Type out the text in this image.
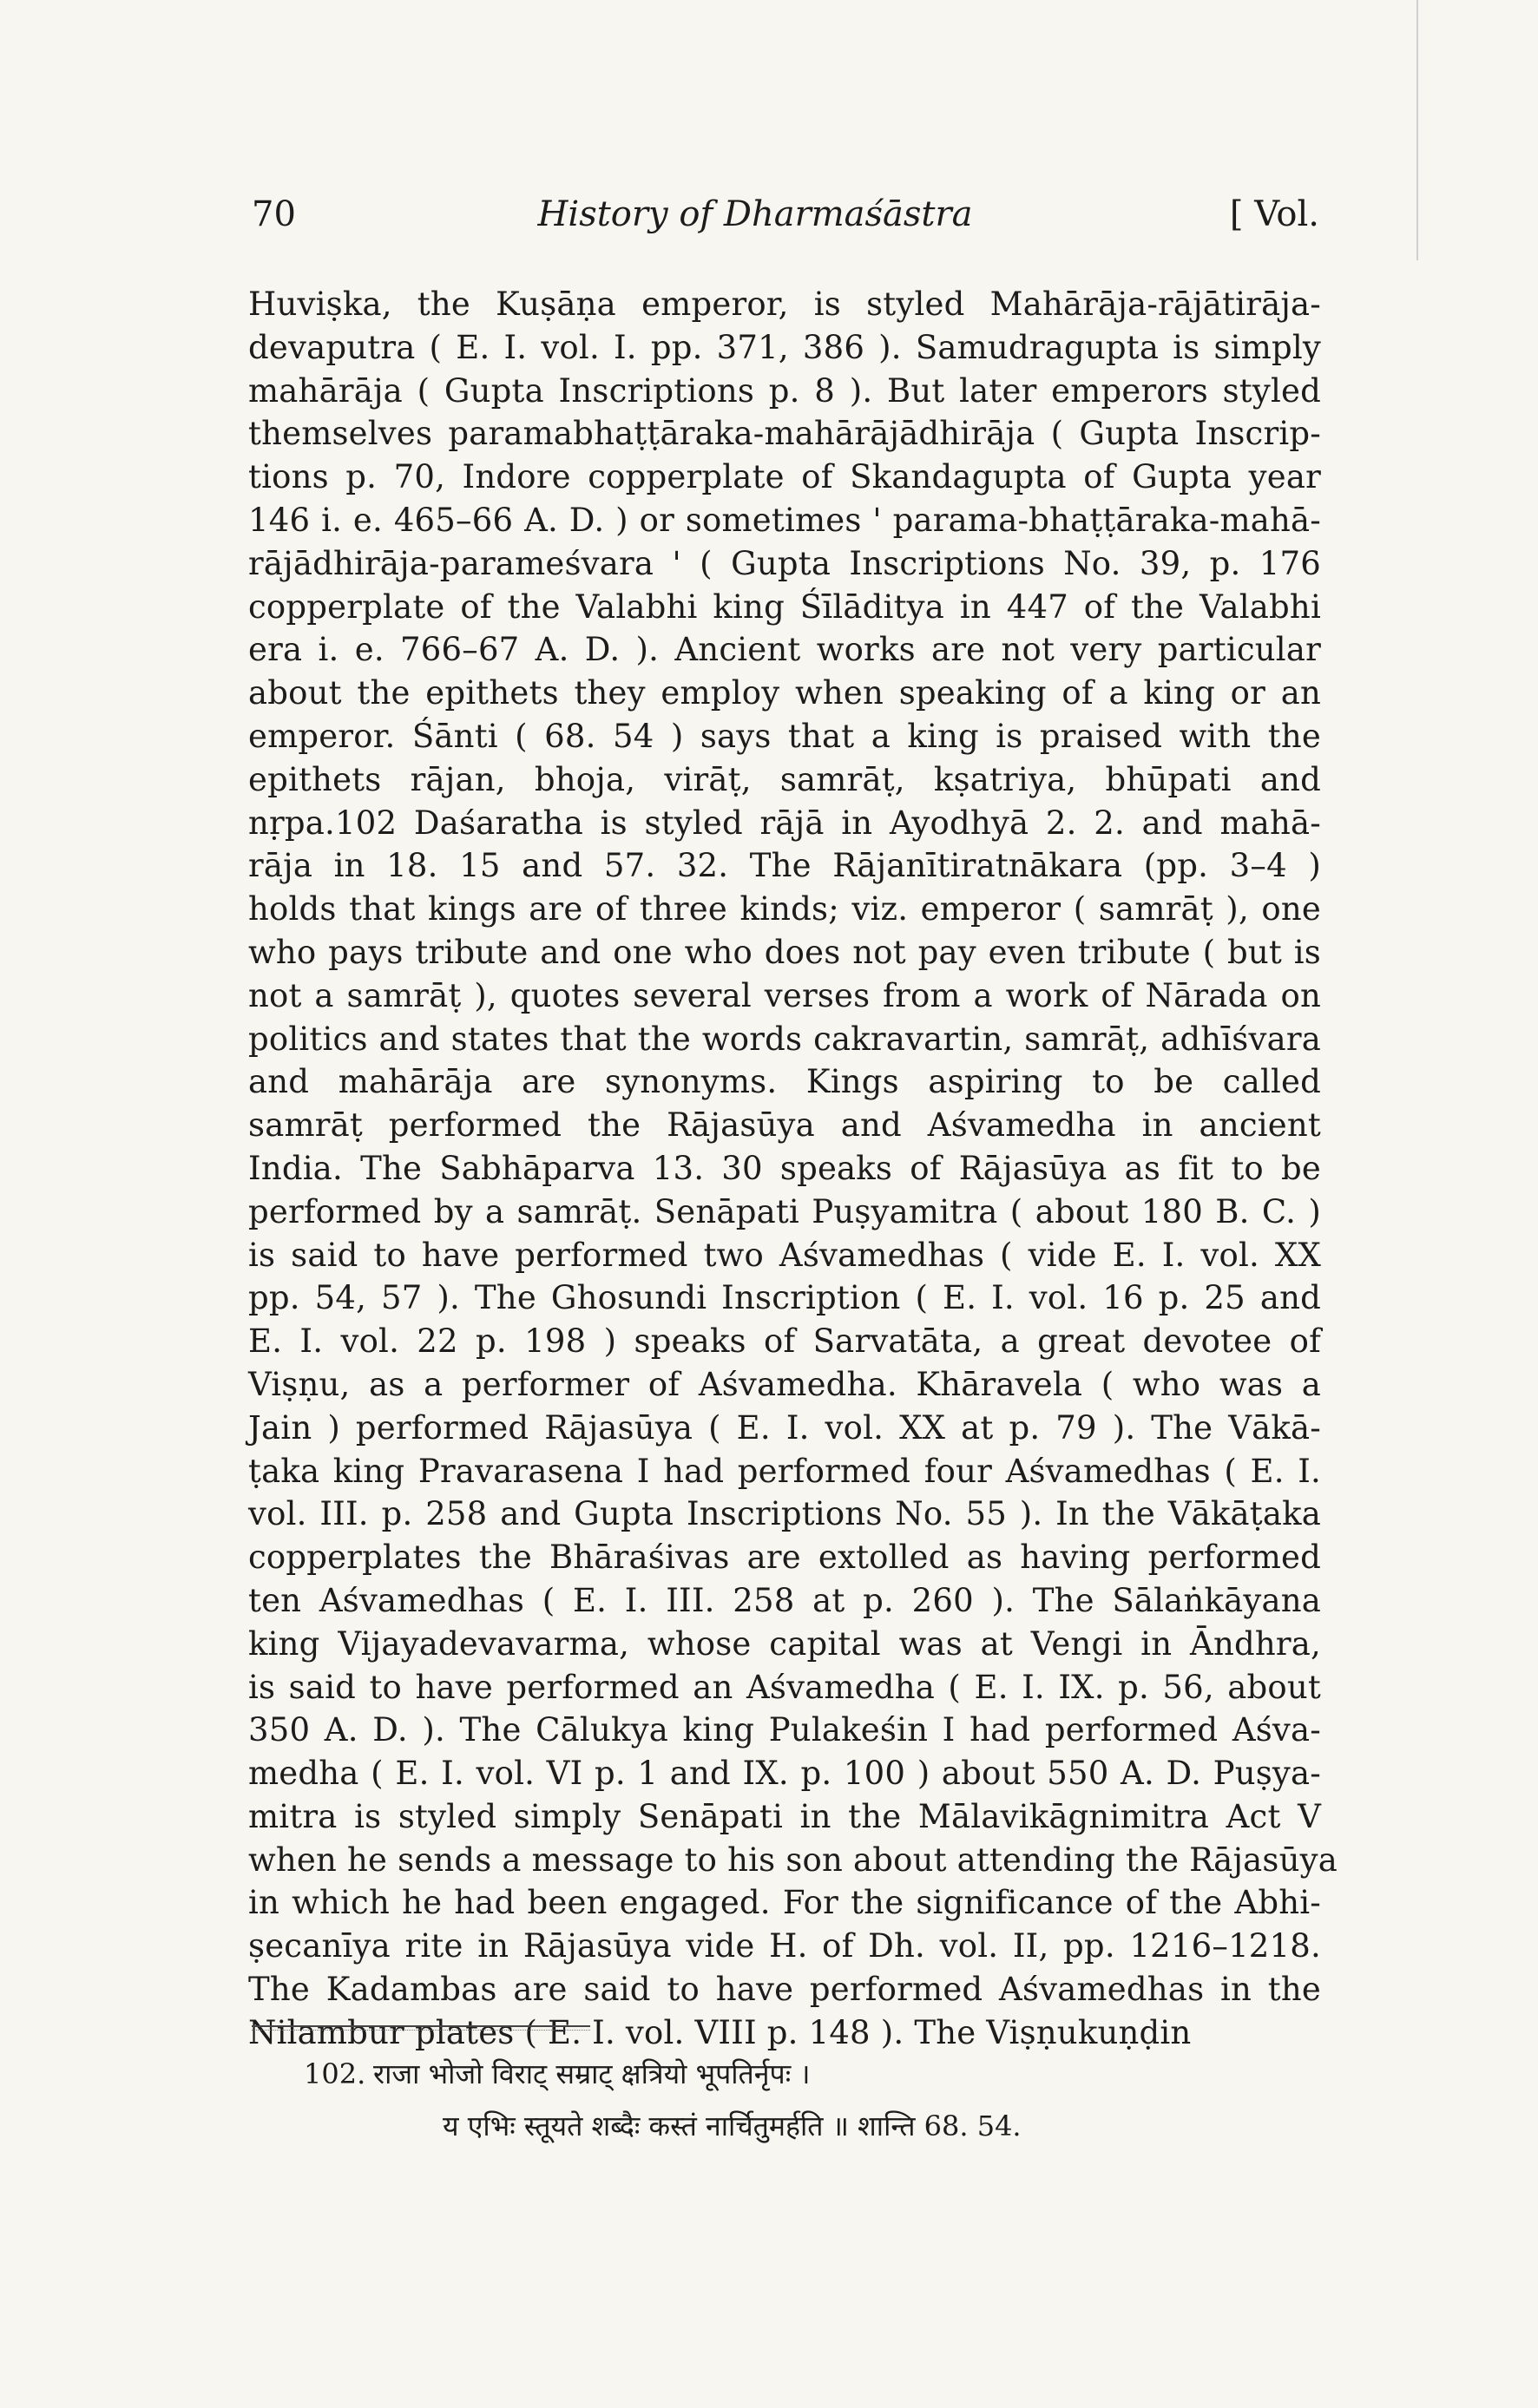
70	History of Dharmaśāstra	[ Vol.
Huviṣka, the Kuṣāṇa emperor, is styled Mahārāja-rājātirāja-
devaputra ( E. I. vol. I. pp. 371, 386 ). Samudragupta is simply
mahārāja ( Gupta Inscriptions p. 8 ). But later emperors styled
themselves paramabhaṭṭāraka-mahārājādhirāja ( Gupta Inscrip-
tions p. 70, Indore copperplate of Skandagupta of Gupta year
146 i. e. 465–66 A. D. ) or sometimes ' parama-bhaṭṭāraka-mahā-
rājādhirāja-parameśvara ' ( Gupta Inscriptions No. 39, p. 176
copperplate of the Valabhi king Śīlāditya in 447 of the Valabhi
era i. e. 766–67 A. D. ). Ancient works are not very particular
about the epithets they employ when speaking of a king or an
emperor. Śānti ( 68. 54 ) says that a king is praised with the
epithets rājan, bhoja, virāṭ, samrāṭ, kṣatriya, bhūpati and
nṛpa.102 Daśaratha is styled rājā in Ayodhyā 2. 2. and mahā-
rāja in 18. 15 and 57. 32. The Rājanītiratnākara (pp. 3–4 )
holds that kings are of three kinds; viz. emperor ( samrāṭ ), one
who pays tribute and one who does not pay even tribute ( but is
not a samrāṭ ), quotes several verses from a work of Nārada on
politics and states that the words cakravartin, samrāṭ, adhīśvara
and mahārāja are synonyms. Kings aspiring to be called
samrāṭ performed the Rājasūya and Aśvamedha in ancient
India. The Sabhāparva 13. 30 speaks of Rājasūya as fit to be
performed by a samrāṭ. Senāpati Puṣyamitra ( about 180 B. C. )
is said to have performed two Aśvamedhas ( vide E. I. vol. XX
pp. 54, 57 ). The Ghosundi Inscription ( E. I. vol. 16 p. 25 and
E. I. vol. 22 p. 198 ) speaks of Sarvatāta, a great devotee of
Viṣṇu, as a performer of Aśvamedha. Khāravela ( who was a
Jain ) performed Rājasūya ( E. I. vol. XX at p. 79 ). The Vākā-
ṭaka king Pravarasena I had performed four Aśvamedhas ( E. I.
vol. III. p. 258 and Gupta Inscriptions No. 55 ). In the Vākāṭaka
copperplates the Bhāraśivas are extolled as having performed
ten Aśvamedhas ( E. I. III. 258 at p. 260 ). The Sālaṅkāyana
king Vijayadevavarma, whose capital was at Vengi in Āndhra,
is said to have performed an Aśvamedha ( E. I. IX. p. 56, about
350 A. D. ). The Cālukya king Pulakeśin I had performed Aśva-
medha ( E. I. vol. VI p. 1 and IX. p. 100 ) about 550 A. D. Puṣya-
mitra is styled simply Senāpati in the Mālavikāgnimitra Act V
when he sends a message to his son about attending the Rājasūya
in which he had been engaged. For the significance of the Abhi-
ṣecanīya rite in Rājasūya vide H. of Dh. vol. II, pp. 1216–1218.
The Kadambas are said to have performed Aśvamedhas in the
Nilambur plates ( E. I. vol. VIII p. 148 ). The Viṣṇukuṇḍin
102. राजा भोजो विराट् सम्राट् क्षत्रियो भूपतिर्नृपः ।
य एभिः स्तूयते शब्दैः कस्तं नार्चितुमर्हति ॥ शान्ति 68. 54.
